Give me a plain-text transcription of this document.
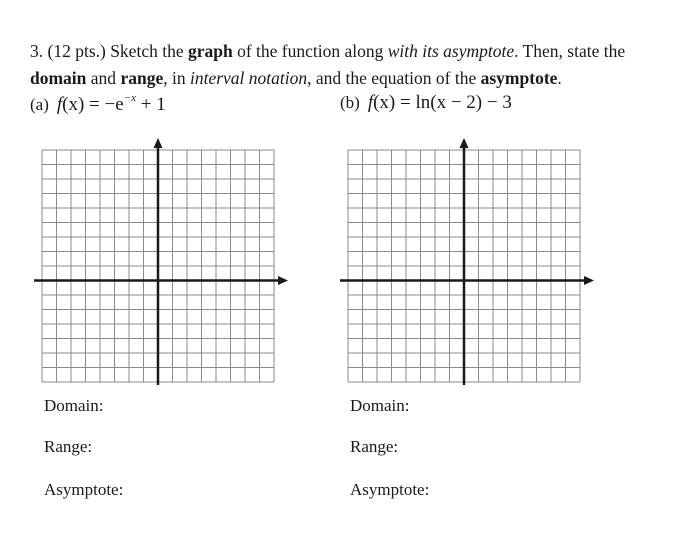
3. (12 pts.) Sketch the graph of the function along with its asymptote. Then, state the
domain and range, in interval notation, and the equation of the asymptote.
(a) $f(x) = -e^{-x} + 1$	(b) f(x) = ln(x − 2) − 3
Domain:
Range:
Asymptote:
Domain:
Range:
Asymptote:
